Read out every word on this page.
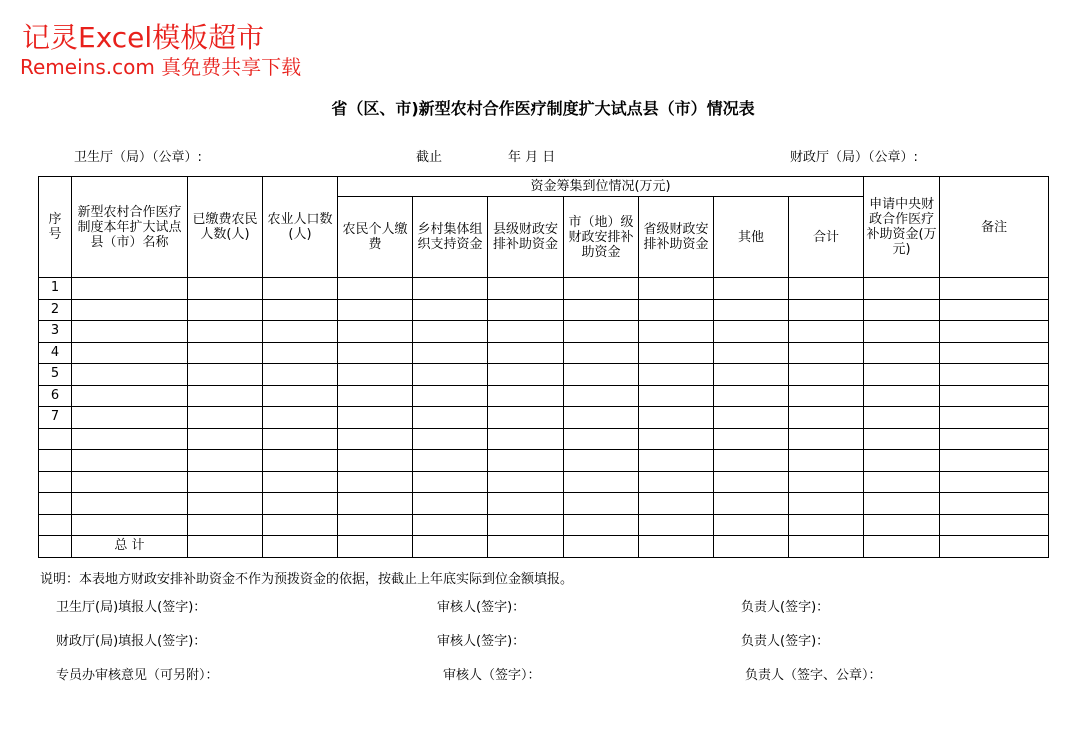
记灵Excel模板超市
Remeins.com 真免费共享下载
省（区、市)新型农村合作医疗制度扩大试点县（市）情况表
卫生厅（局）（公章）:	截止	年 月 日	财政厅（局）（公章）:
序号	新型农村合作医疗制度本年扩大试点县（市）名称	已缴费农民人数(人)	农业人口数(人)	资金筹集到位情况(万元)							申请中央财政合作医疗补助资金(万元)	备注

				农民个人缴费	乡村集体组织支持资金	县级财政安排补助资金	市（地）级财政安排补助资金	省级财政安排补助资金	其他	合计		
1												
2												
3												
4												
5												
6												
7												

	总 计											
说明：本表地方财政安排补助资金不作为预拨资金的依据，按截止上年底实际到位金额填报。
卫生厅(局)填报人(签字)：	审核人(签字)：	负责人(签字)：
财政厅(局)填报人(签字)：	审核人(签字)：	负责人(签字)：
专员办审核意见（可另附）：	审核人（签字）：	负责人（签字、公章）：
